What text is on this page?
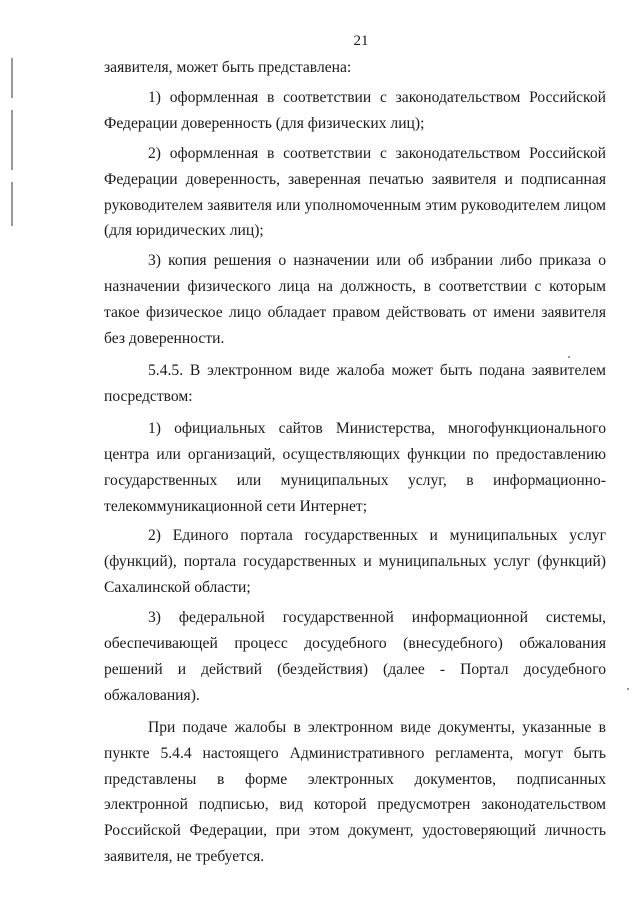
21

заявителя, может быть представлена:

1) оформленная в соответствии с законодательством Российской Федерации доверенность (для физических лиц);

2) оформленная в соответствии с законодательством Российской Федерации доверенность, заверенная печатью заявителя и подписанная руководителем заявителя или уполномоченным этим руководителем лицом (для юридических лиц);

3) копия решения о назначении или об избрании либо приказа о назначении физического лица на должность, в соответствии с которым такое физическое лицо обладает правом действовать от имени заявителя без доверенности.

5.4.5. В электронном виде жалоба может быть подана заявителем посредством:

1) официальных сайтов Министерства, многофункционального центра или организаций, осуществляющих функции по предоставлению государственных или муниципальных услуг, в информационно-телекоммуникационной сети Интернет;

2) Единого портала государственных и муниципальных услуг (функций), портала государственных и муниципальных услуг (функций) Сахалинской области;

3) федеральной государственной информационной системы, обеспечивающей процесс досудебного (внесудебного) обжалования решений и действий (бездействия) (далее - Портал досудебного обжалования).

При подаче жалобы в электронном виде документы, указанные в пункте 5.4.4 настоящего Административного регламента, могут быть представлены в форме электронных документов, подписанных электронной подписью, вид которой предусмотрен законодательством Российской Федерации, при этом документ, удостоверяющий личность заявителя, не требуется.
